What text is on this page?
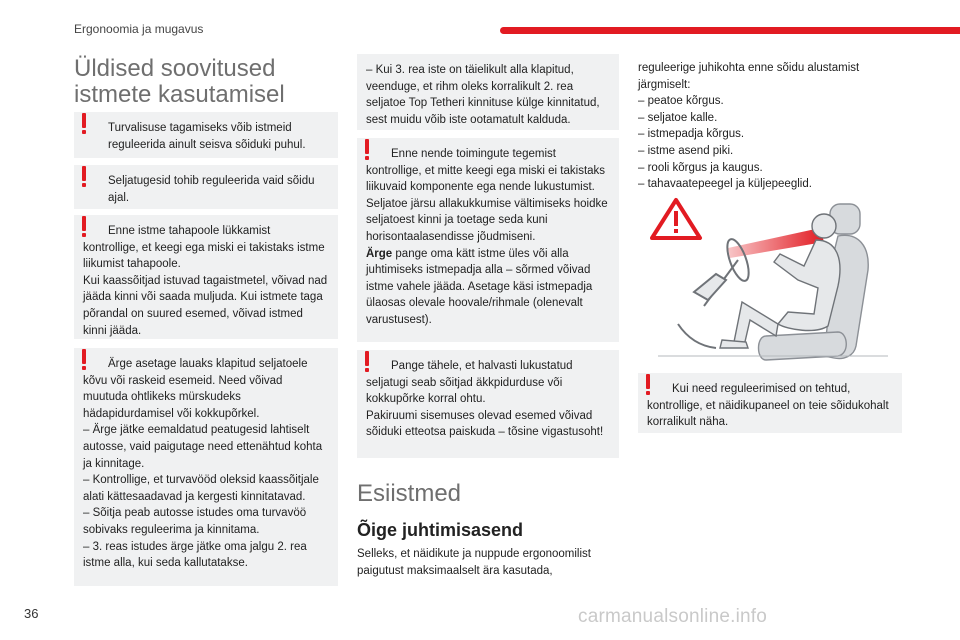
Ergonoomia ja mugavus
Üldised soovitused
istmete kasutamisel

Turvalisuse tagamiseks võib istmeid reguleerida ainult seisva sõiduki puhul.

Seljatugesid tohib reguleerida vaid sõidu ajal.

Enne istme tahapoole lükkamist kontrollige, et keegi ega miski ei takistaks istme liikumist tahapoole.

Kui kaassõitjad istuvad tagaistmetel, võivad nad jääda kinni või saada muljuda. Kui istmete taga põrandal on suured esemed, võivad istmed kinni jääda.

Ärge asetage lauaks klapitud seljatoele kõvu või raskeid esemeid. Need võivad muutuda ohtlikeks mürskudeks hädapidurdamisel või kokkupõrkel.

– Ärge jätke eemaldatud peatugesid lahtiselt autosse, vaid paigutage need ettenähtud kohta ja kinnitage.

– Kontrollige, et turvavööd oleksid kaassõitjale alati kättesaadavad ja kergesti kinnitatavad.

– Sõitja peab autosse istudes oma turvavöö sobivaks reguleerima ja kinnitama.

– 3. reas istudes ärge jätke oma jalgu 2. rea istme alla, kui seda kallutatakse.

– Kui 3. rea iste on täielikult alla klapitud, veenduge, et rihm oleks korralikult 2. rea seljatoe Top Tetheri kinnituse külge kinnitatud, sest muidu võib iste ootamatult kalduda.

Enne nende toimingute tegemist kontrollige, et mitte keegi ega miski ei takistaks liikuvaid komponente ega nende lukustumist.

Seljatoe järsu allakukkumise vältimiseks hoidke seljatoest kinni ja toetage seda kuni horisontaalasendisse jõudmiseni.

Ärge pange oma kätt istme üles või alla juhtimiseks istmepadja alla – sõrmed võivad istme vahele jääda. Asetage käsi istmepadja ülaosas olevale hoovale/rihmale (olenevalt varustusest).

Pange tähele, et halvasti lukustatud seljatugi seab sõitjad äkkpidurduse või kokkupõrke korral ohtu.

Pakiruumi sisemuses olevad esemed võivad sõiduki etteotsa paiskuda – tõsine vigastusoht!

Esiistmed
Õige juhtimisasend

Selleks, et näidikute ja nuppude ergonoomilist paigutust maksimaalselt ära kasutada,

reguleerige juhikohta enne sõidu alustamist järgmiselt:

– peatoe kõrgus.

– seljatoe kalle.

– istmepadja kõrgus.

– istme asend piki.

– rooli kõrgus ja kaugus.

– tahavaatepeegel ja küljepeeglid.

Kui need reguleerimised on tehtud, kontrollige, et näidikupaneel on teie sõidukohalt korralikult näha.

36	carmanualsonline.info
